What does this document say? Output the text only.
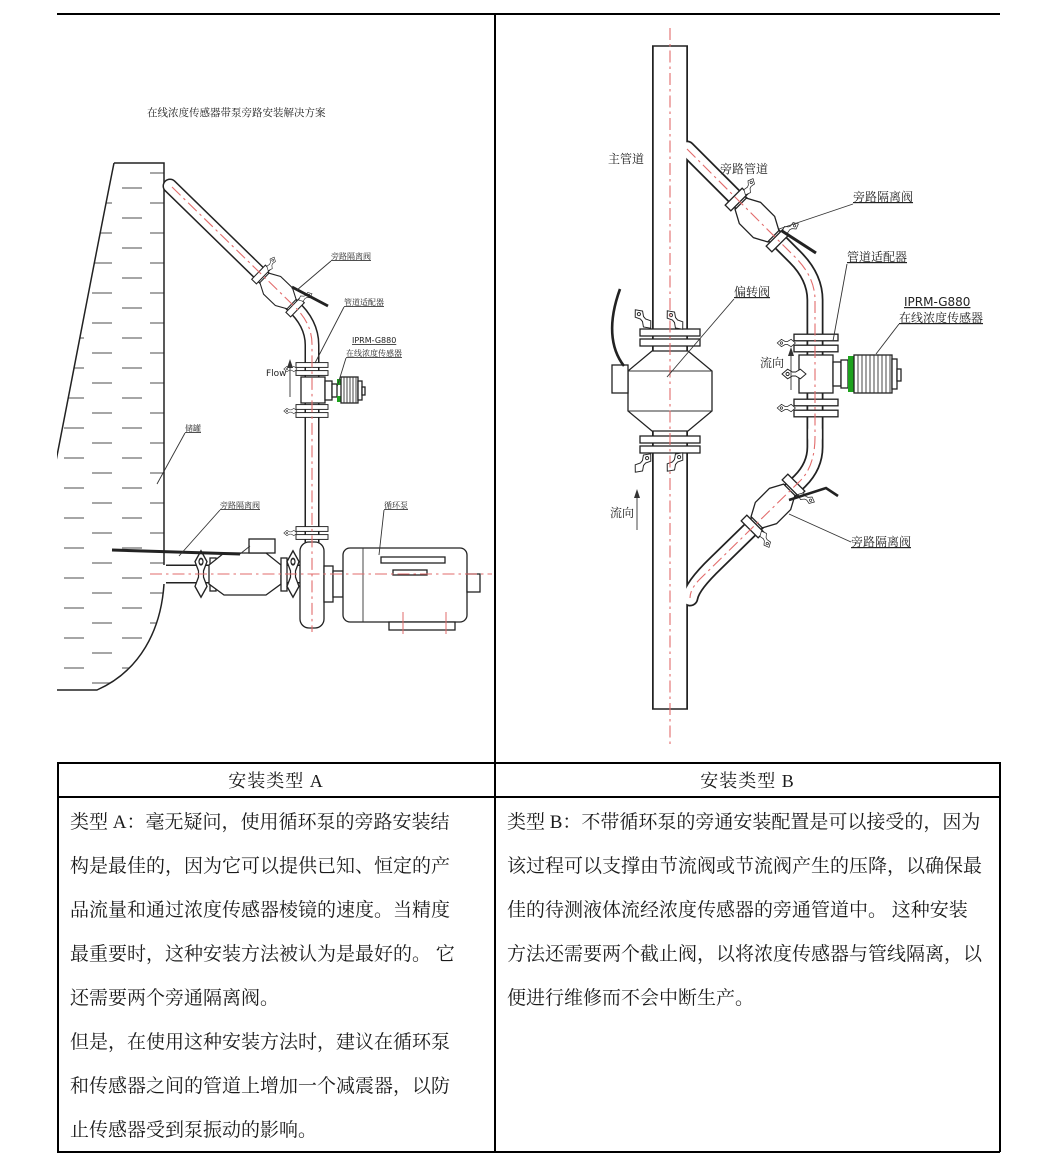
在线浓度传感器带泵旁路安装解决方案
旁路隔离阀
管道适配器
IPRM-G880
在线浓度传感器
Flow
储罐
旁路隔离阀	循环泵
主管道
旁路管道
旁路隔离阀
管道适配器
IPRM-G880
在线浓度传感器
偏转阀
流向
流向
旁路隔离阀
安装类型 A	安装类型 B
类型 A：毫无疑问，使用循环泵的旁路安装结
构是最佳的，因为它可以提供已知、恒定的产
品流量和通过浓度传感器棱镜的速度。当精度
最重要时，这种安装方法被认为是最好的。 它
还需要两个旁通隔离阀。
但是，在使用这种安装方法时，建议在循环泵
和传感器之间的管道上增加一个减震器，以防
止传感器受到泵振动的影响。
类型 B：不带循环泵的旁通安装配置是可以接受的，因为
该过程可以支撑由节流阀或节流阀产生的压降，以确保最
佳的待测液体流经浓度传感器的旁通管道中。 这种安装
方法还需要两个截止阀，以将浓度传感器与管线隔离，以
便进行维修而不会中断生产。
